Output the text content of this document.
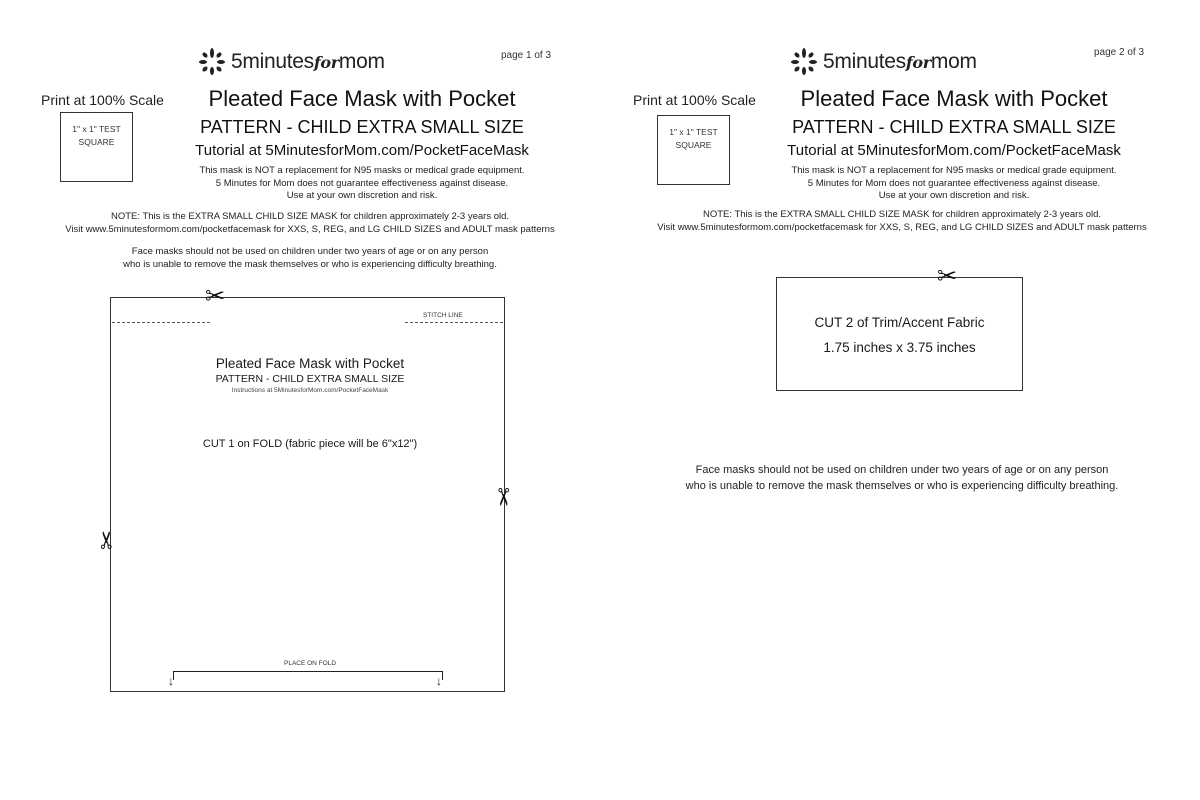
5minutesformom	page 1 of 3
Print at 100% Scale
1" x 1" TEST
SQUARE
Pleated Face Mask with Pocket
PATTERN - CHILD EXTRA SMALL SIZE
Tutorial at 5MinutesforMom.com/PocketFaceMask
This mask is NOT a replacement for N95 masks or medical grade equipment.
5 Minutes for Mom does not guarantee effectiveness against disease.
Use at your own discretion and risk.
NOTE: This is the EXTRA SMALL CHILD SIZE MASK for children approximately 2-3 years old.
Visit www.5minutesformom.com/pocketfacemask for XXS, S, REG, and LG CHILD SIZES and ADULT mask patterns
Face masks should not be used on children under two years of age or on any person
who is unable to remove the mask themselves or who is experiencing difficulty breathing.
✂
STITCH LINE
Pleated Face Mask with Pocket
PATTERN - CHILD EXTRA SMALL SIZE
Instructions at 5MinutesforMom.com/PocketFaceMask
CUT 1 on FOLD (fabric piece will be 6"x12")
✂
✂
PLACE ON FOLD
↓	↓
5minutesformom	page 2 of 3
Print at 100% Scale
1" x 1" TEST
SQUARE
Pleated Face Mask with Pocket
PATTERN - CHILD EXTRA SMALL SIZE
Tutorial at 5MinutesforMom.com/PocketFaceMask
This mask is NOT a replacement for N95 masks or medical grade equipment.
5 Minutes for Mom does not guarantee effectiveness against disease.
Use at your own discretion and risk.
NOTE: This is the EXTRA SMALL CHILD SIZE MASK for children approximately 2-3 years old.
Visit www.5minutesformom.com/pocketfacemask for XXS, S, REG, and LG CHILD SIZES and ADULT mask patterns
✂
CUT 2 of Trim/Accent Fabric
1.75 inches x 3.75 inches
Face masks should not be used on children under two years of age or on any person
who is unable to remove the mask themselves or who is experiencing difficulty breathing.
